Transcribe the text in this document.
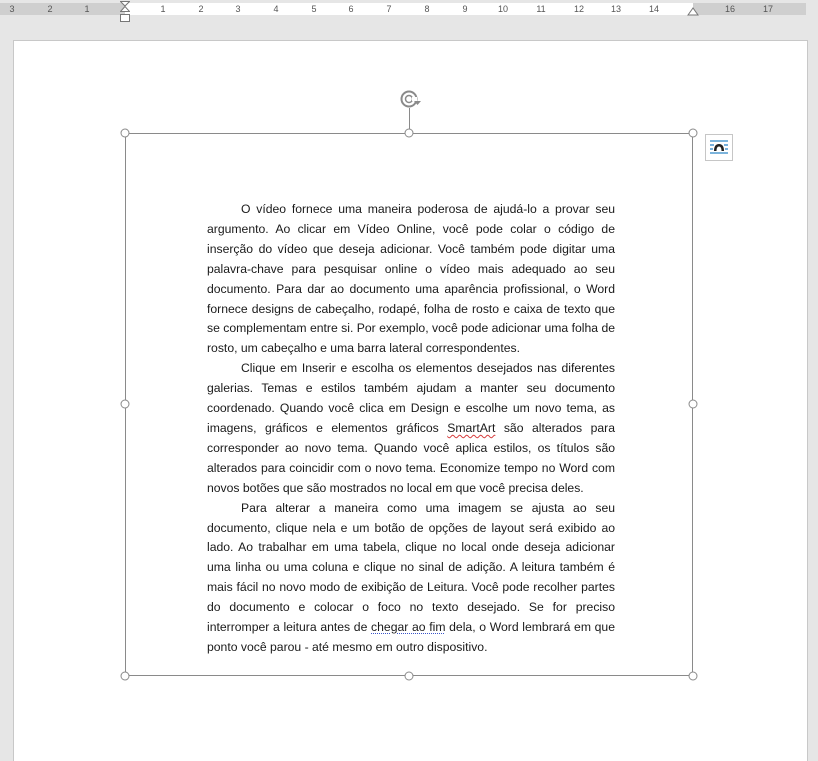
3	2	1	1	2	3	4	5	6	7	8	9	10	11	12	13	14	16	17

O vídeo fornece uma maneira poderosa de ajudá-lo a provar seu argumento. Ao clicar em Vídeo Online, você pode colar o código de inserção do vídeo que deseja adicionar. Você também pode digitar uma palavra-chave para pesquisar online o vídeo mais adequado ao seu documento. Para dar ao documento uma aparência profissional, o Word fornece designs de cabeçalho, rodapé, folha de rosto e caixa de texto que se complementam entre si. Por exemplo, você pode adicionar uma folha de rosto, um cabeçalho e uma barra lateral correspondentes.

Clique em Inserir e escolha os elementos desejados nas diferentes galerias. Temas e estilos também ajudam a manter seu documento coordenado. Quando você clica em Design e escolhe um novo tema, as imagens, gráficos e elementos gráficos SmartArt são alterados para corresponder ao novo tema. Quando você aplica estilos, os títulos são alterados para coincidir com o novo tema. Economize tempo no Word com novos botões que são mostrados no local em que você precisa deles.

Para alterar a maneira como uma imagem se ajusta ao seu documento, clique nela e um botão de opções de layout será exibido ao lado. Ao trabalhar em uma tabela, clique no local onde deseja adicionar uma linha ou uma coluna e clique no sinal de adição. A leitura também é mais fácil no novo modo de exibição de Leitura. Você pode recolher partes do documento e colocar o foco no texto desejado. Se for preciso interromper a leitura antes de chegar ao fim dela, o Word lembrará em que ponto você parou - até mesmo em outro dispositivo.
